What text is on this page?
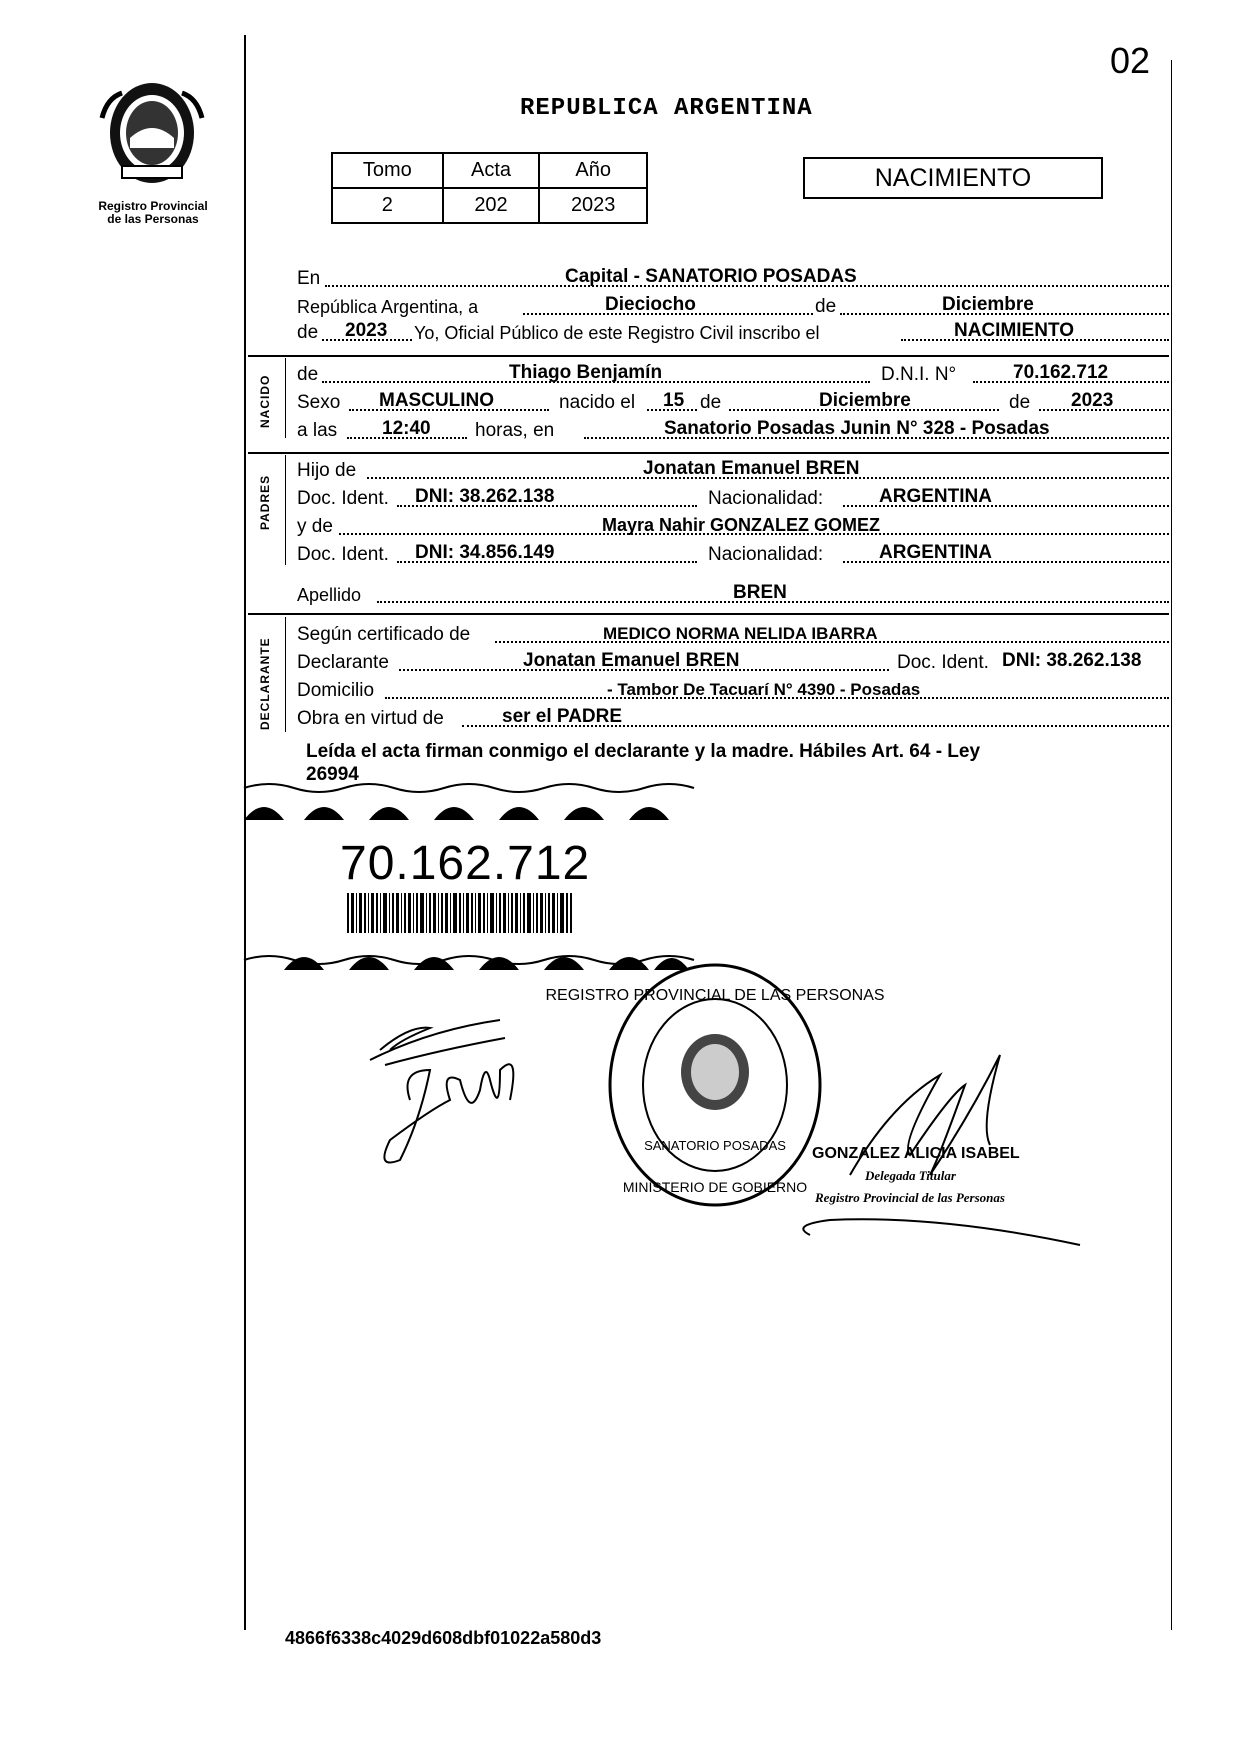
Registro Provincial
de las Personas
02
REPUBLICA ARGENTINA
Tomo	Acta	Año
2	202	2023
NACIMIENTO
En	Capital - SANATORIO POSADAS
República Argentina, a	Dieciocho	de	Diciembre
de 2023 Yo, Oficial Público de este Registro Civil inscribo el	NACIMIENTO
NACIDO
de	Thiago Benjamín	D.N.I. N°	70.162.712
Sexo MASCULINO	nacido el 15 de	Diciembre	de 2023
a las 12:40 horas, en	Sanatorio Posadas Junin N° 328 - Posadas
PADRES
Hijo de	Jonatan Emanuel BREN
Doc. Ident. DNI: 38.262.138	Nacionalidad:	ARGENTINA
y de	Mayra Nahir GONZALEZ GOMEZ
Doc. Ident. DNI: 34.856.149	Nacionalidad:	ARGENTINA
Apellido	BREN
DECLARANTE
Según certificado de	MEDICO NORMA NELIDA IBARRA
Declarante	Jonatan Emanuel BREN	Doc. Ident. DNI: 38.262.138
Domicilio	- Tambor De Tacuarí N° 4390 - Posadas
Obra en virtud de	ser el PADRE
Leída el acta firman conmigo el declarante y la madre. Hábiles Art. 64 - Ley
26994
70.162.712
REGISTRO PROVINCIAL DE LAS PERSONAS
SANATORIO POSADAS
MINISTERIO DE GOBIERNO
GONZALEZ ALICIA ISABEL
Delegada Titular
Registro Provincial de las Personas
4866f6338c4029d608dbf01022a580d3
